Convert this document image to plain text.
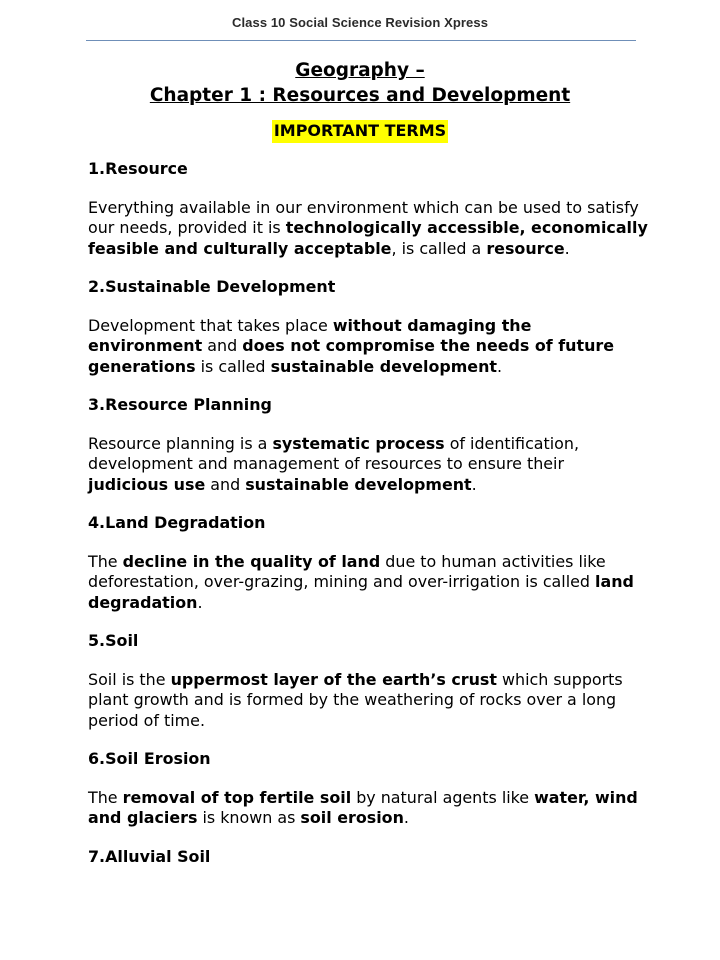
Class 10 Social Science Revision Xpress
Geography –
Chapter 1 : Resources and Development
IMPORTANT TERMS
1.Resource
Everything available in our environment which can be used to satisfy our needs, provided it is technologically accessible, economically feasible and culturally acceptable, is called a resource.
2.Sustainable Development
Development that takes place without damaging the environment and does not compromise the needs of future generations is called sustainable development.
3.Resource Planning
Resource planning is a systematic process of identification, development and management of resources to ensure their judicious use and sustainable development.
4.Land Degradation
The decline in the quality of land due to human activities like deforestation, over-grazing, mining and over-irrigation is called land degradation.
5.Soil
Soil is the uppermost layer of the earth’s crust which supports plant growth and is formed by the weathering of rocks over a long period of time.
6.Soil Erosion
The removal of top fertile soil by natural agents like water, wind and glaciers is known as soil erosion.
7.Alluvial Soil
